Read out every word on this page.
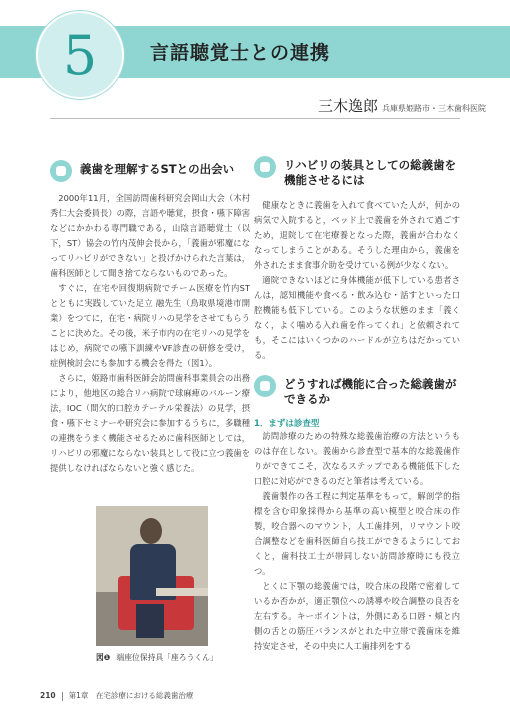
5	言語聴覚士との連携
三木逸郎 兵庫県姫路市・三木歯科医院
義歯を理解するSTとの出会い

2000年11月，全国訪問歯科研究会岡山大会（木村秀仁大会委員長）の際，言語や聴覚，摂食・嚥下障害などにかかわる専門職である，山陰言語聴覚士（以下，ST）協会の竹内茂伸会長から，「義歯が邪魔になってリハビリができない」と投げかけられた言葉は，歯科医師として聞き捨てならないものであった。

すぐに，在宅や回復期病院でチーム医療を竹内STとともに実践していた足立 融先生（鳥取県境港市開業）をつてに，在宅・病院リハの見学をさせてもらうことに決めた。その後，米子市内の在宅リハの見学をはじめ，病院での嚥下訓練やVF診査の研修を受け，症例検討会にも参加する機会を得た（図1）。

さらに，姫路市歯科医師会訪問歯科事業員会の出務により，他地区の総合リハ病院で球麻痺のバルーン療法，IOC（間欠的口腔カテーテル栄養法）の見学，摂食・嚥下セミナーや研究会に参加するうちに，多職種の連携をうまく機能させるために歯科医師としては，リハビリの邪魔にならない装具として役に立つ義歯を提供しなければならないと強く感じた。

図❶ 端座位保持具「座ろうくん」
リハビリの装具としての総義歯を機能させるには

健康なときに義歯を入れて食べていた人が，何かの病気で入院すると，ベッド上で義歯を外されて過ごすため，退院して在宅療養となった際，義歯が合わなくなってしまうことがある。そうした理由から，義歯を外されたまま食事介助を受けている例が少なくない。

適院できないほどに身体機能が低下している患者さんは，認知機能や食べる・飲み込む・話すといった口腔機能も低下している。このような状態のまま「義くなく，よく噛める入れ歯を作ってくれ」と依頼されても，そこにはいくつかのハードルが立ちはだかっている。

どうすれば機能に合った総義歯ができるか
1．まずは診査型

訪問診療のための特殊な総義歯治療の方法というものは存在しない。義歯から診査型で基本的な総義歯作りができてこそ，次なるステップである機能低下した口腔に対応ができるのだと筆者は考えている。

義歯製作の各工程に判定基準をもって，解剖学的指標を含む印象採得から基準の高い模型と咬合床の作製，咬合器へのマウント，人工歯排列，リマウント咬合調整などを歯科医師自ら技工ができるようにしておくと，歯科技工士が帯同しない訪問診療時にも役立つ。

とくに下顎の総義歯では，咬合床の段階で密着しているか否かが，適正顎位への誘導や咬合調整の良否を左右する。キーポイントは，外側にある口唇・頬と内側の舌との筋圧バランスがとれた中立帯で義歯床を維持安定させ，その中央に人工歯排列をする

210 第1章　在宅診療における総義歯治療
